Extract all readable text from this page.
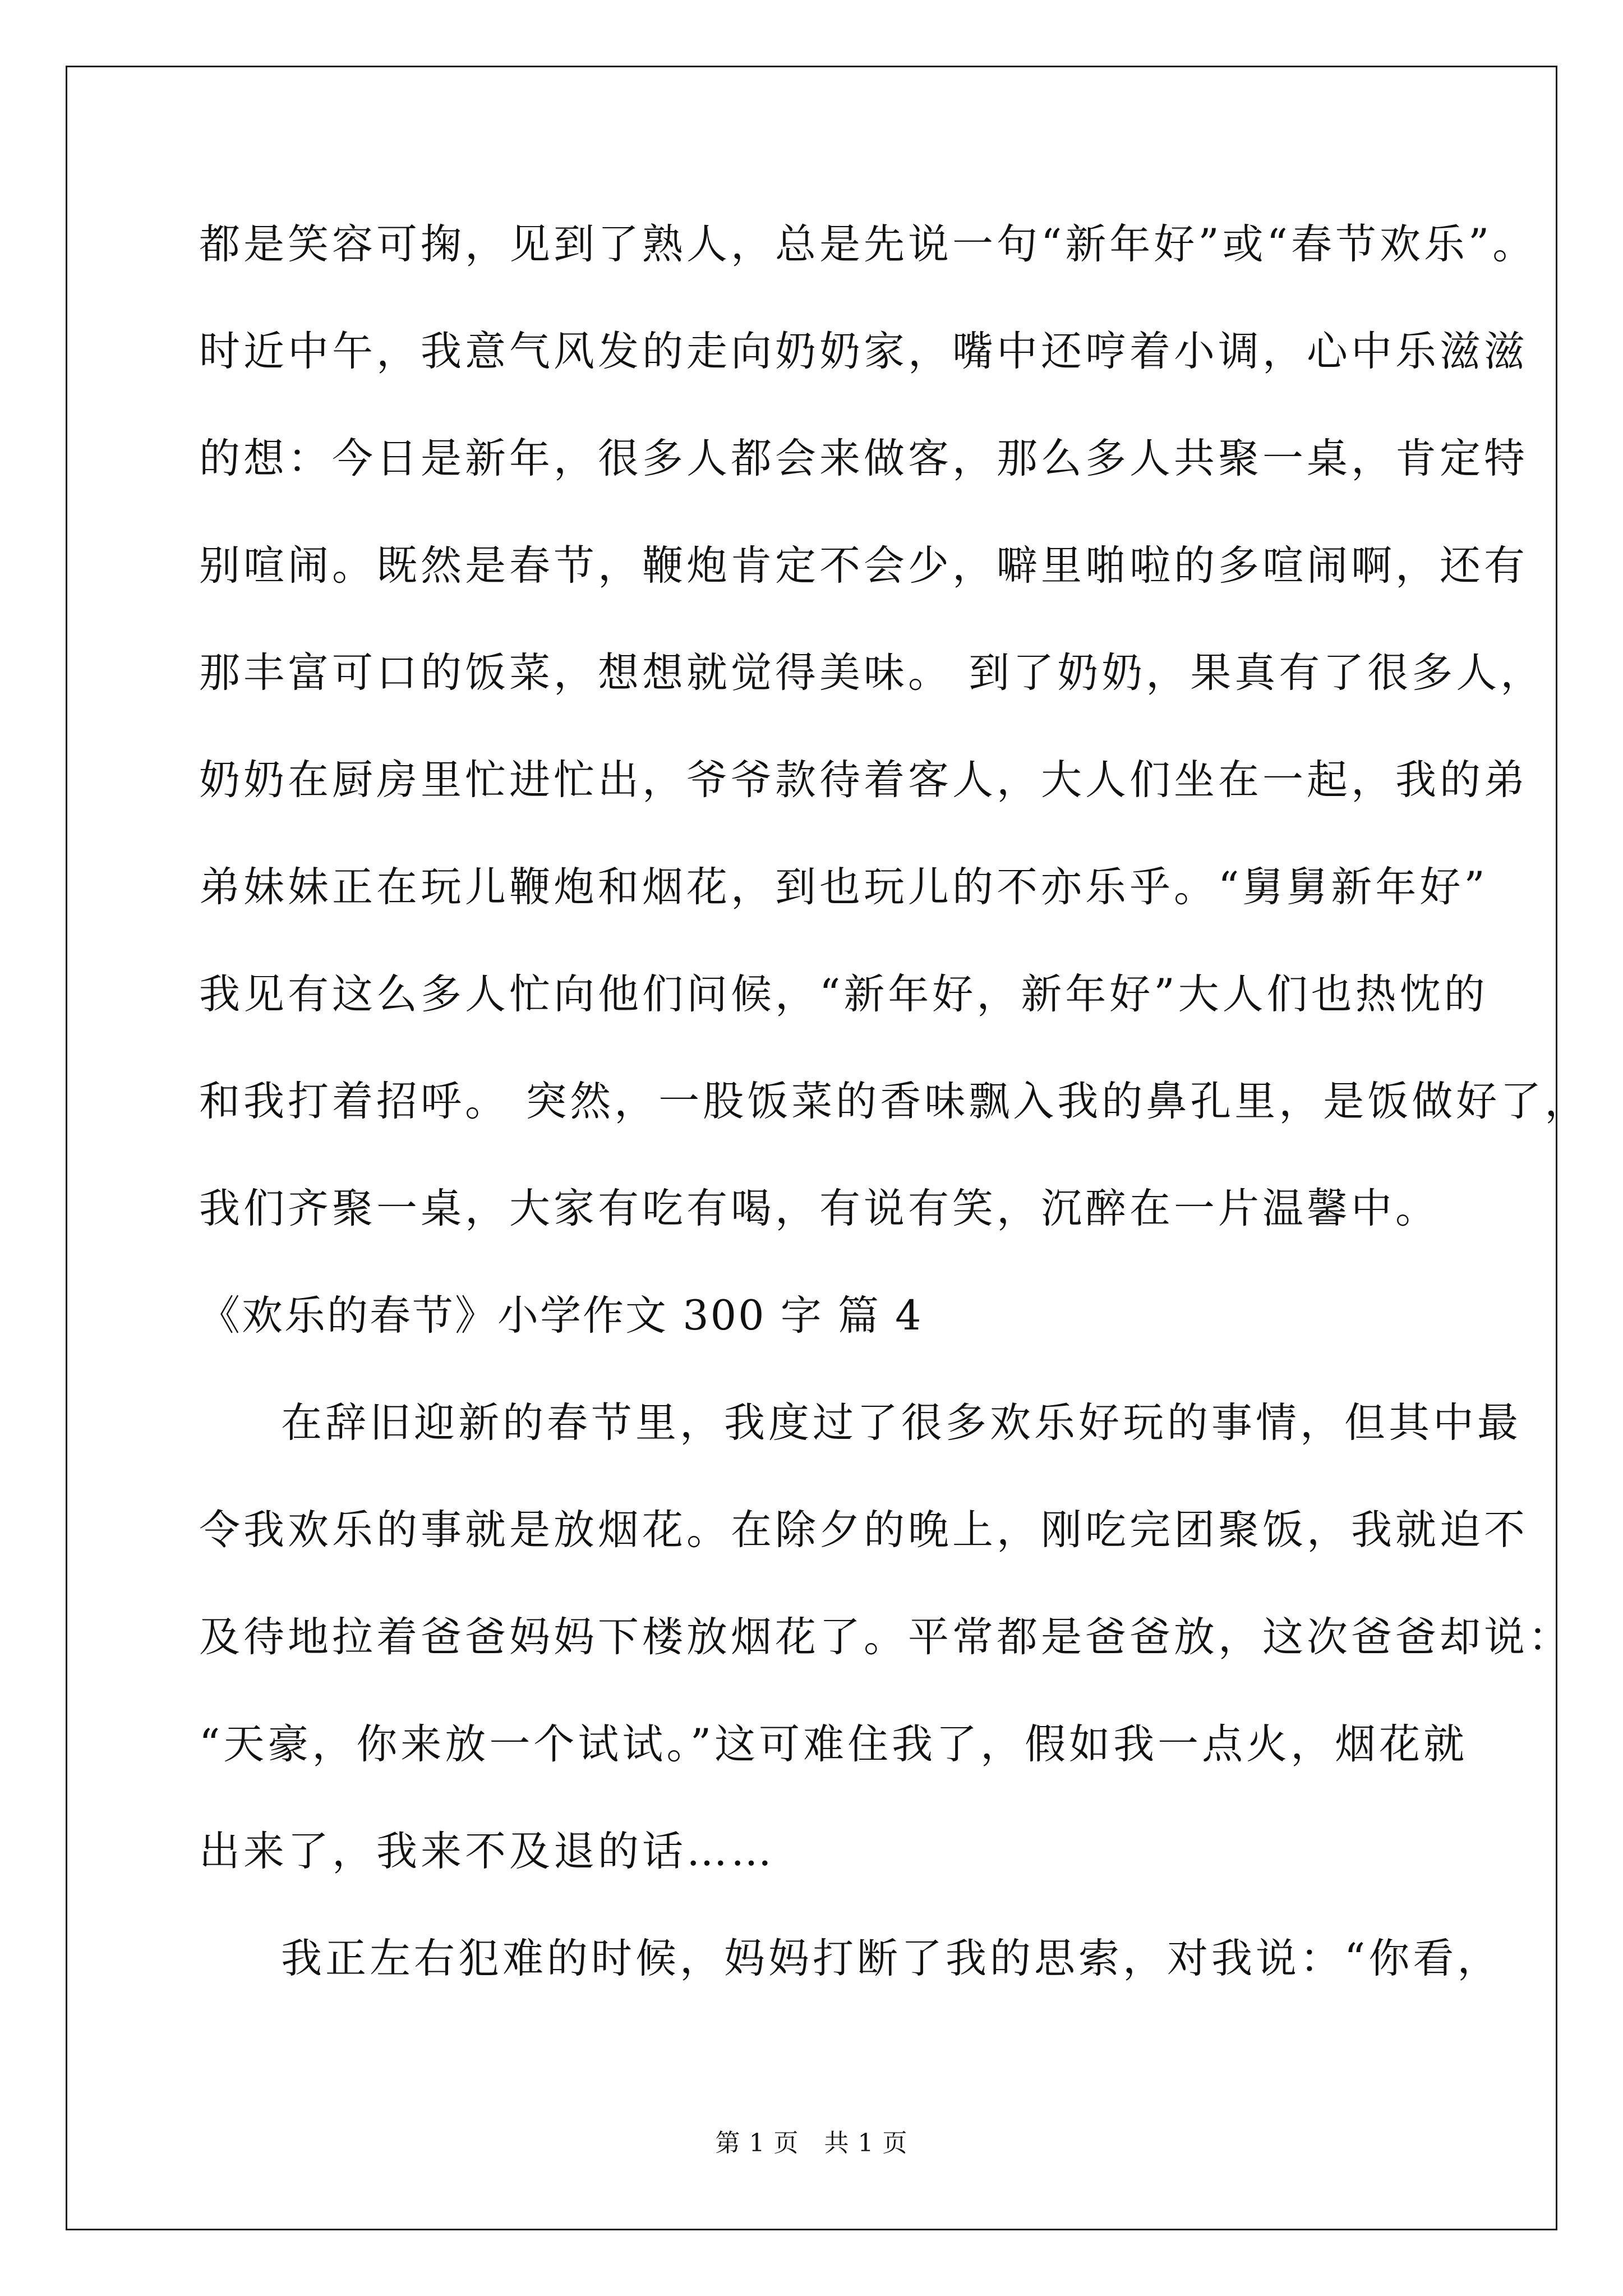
都是笑容可掬，见到了熟人，总是先说一句“新年好”或“春节欢乐”。
时近中午，我意气风发的走向奶奶家，嘴中还哼着小调，心中乐滋滋
的想：今日是新年，很多人都会来做客，那么多人共聚一桌，肯定特
别喧闹。既然是春节，鞭炮肯定不会少，噼里啪啦的多喧闹啊，还有
那丰富可口的饭菜，想想就觉得美味。 到了奶奶，果真有了很多人，
奶奶在厨房里忙进忙出，爷爷款待着客人，大人们坐在一起，我的弟
弟妹妹正在玩儿鞭炮和烟花，到也玩儿的不亦乐乎。“舅舅新年好”
我见有这么多人忙向他们问候，“新年好，新年好”大人们也热忱的
和我打着招呼。 突然，一股饭菜的香味飘入我的鼻孔里，是饭做好了，
我们齐聚一桌，大家有吃有喝，有说有笑，沉醉在一片温馨中。
《欢乐的春节》小学作文 300 字 篇 4
在辞旧迎新的春节里，我度过了很多欢乐好玩的事情，但其中最
令我欢乐的事就是放烟花。在除夕的晚上，刚吃完团聚饭，我就迫不
及待地拉着爸爸妈妈下楼放烟花了。平常都是爸爸放，这次爸爸却说：
“天豪，你来放一个试试。”这可难住我了，假如我一点火，烟花就
出来了，我来不及退的话……
我正左右犯难的时候，妈妈打断了我的思索，对我说：“你看，
第 1 页   共 1 页
